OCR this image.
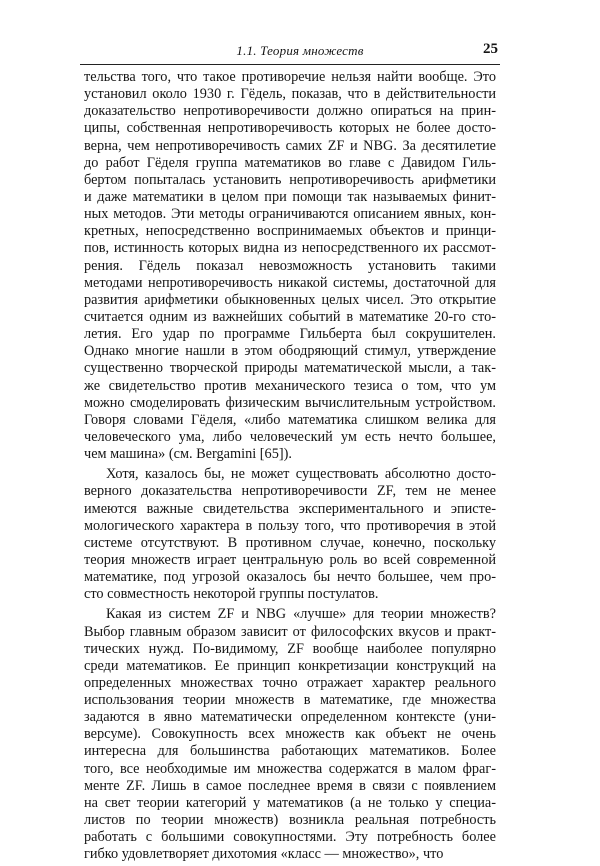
1.1. Теория множеств	25
тельства того, что такое противоречие нельзя найти вообще. Это
установил около 1930 г. Гёдель, показав, что в действительности
доказательство непротиворечивости должно опираться на прин-
ципы, собственная непротиворечивость которых не более досто-
верна, чем непротиворечивость самих ZF и NBG. За десятилетие
до работ Гёделя группа математиков во главе с Давидом Гиль-
бертом попыталась установить непротиворечивость арифметики
и даже математики в целом при помощи так называемых финит-
ных методов. Эти методы ограничиваются описанием явных, кон-
кретных, непосредственно воспринимаемых объектов и принци-
пов, истинность которых видна из непосредственного их рассмот-
рения. Гёдель показал невозможность установить такими
методами непротиворечивость никакой системы, достаточной для
развития арифметики обыкновенных целых чисел. Это открытие
считается одним из важнейших событий в математике 20-го сто-
летия. Его удар по программе Гильберта был сокрушителен.
Однако многие нашли в этом ободряющий стимул, утверждение
существенно творческой природы математической мысли, а так-
же свидетельство против механического тезиса о том, что ум
можно смоделировать физическим вычислительным устройством.
Говоря словами Гёделя, «либо математика слишком велика для
человеческого ума, либо человеческий ум есть нечто большее,
чем машина» (см. Bergamini [65]).
Хотя, казалось бы, не может существовать абсолютно досто-
верного доказательства непротиворечивости ZF, тем не менее
имеются важные свидетельства экспериментального и эписте-
мологического характера в пользу того, что противоречия в этой
системе отсутствуют. В противном случае, конечно, поскольку
теория множеств играет центральную роль во всей современной
математике, под угрозой оказалось бы нечто большее, чем про-
сто совместность некоторой группы постулатов.
Какая из систем ZF и NBG «лучше» для теории множеств?
Выбор главным образом зависит от философских вкусов и практ-
тических нужд. По-видимому, ZF вообще наиболее популярно
среди математиков. Ее принцип конкретизации конструкций на
определенных множествах точно отражает характер реального
использования теории множеств в математике, где множества
задаются в явно математически определенном контексте (уни-
версуме). Совокупность всех множеств как объект не очень
интересна для большинства работающих математиков. Более
того, все необходимые им множества содержатся в малом фраг-
менте ZF. Лишь в самое последнее время в связи с появлением
на свет теории категорий у математиков (а не только у специа-
листов по теории множеств) возникла реальная потребность
работать с большими совокупностями. Эту потребность более
гибко удовлетворяет дихотомия «класс — множество», что
